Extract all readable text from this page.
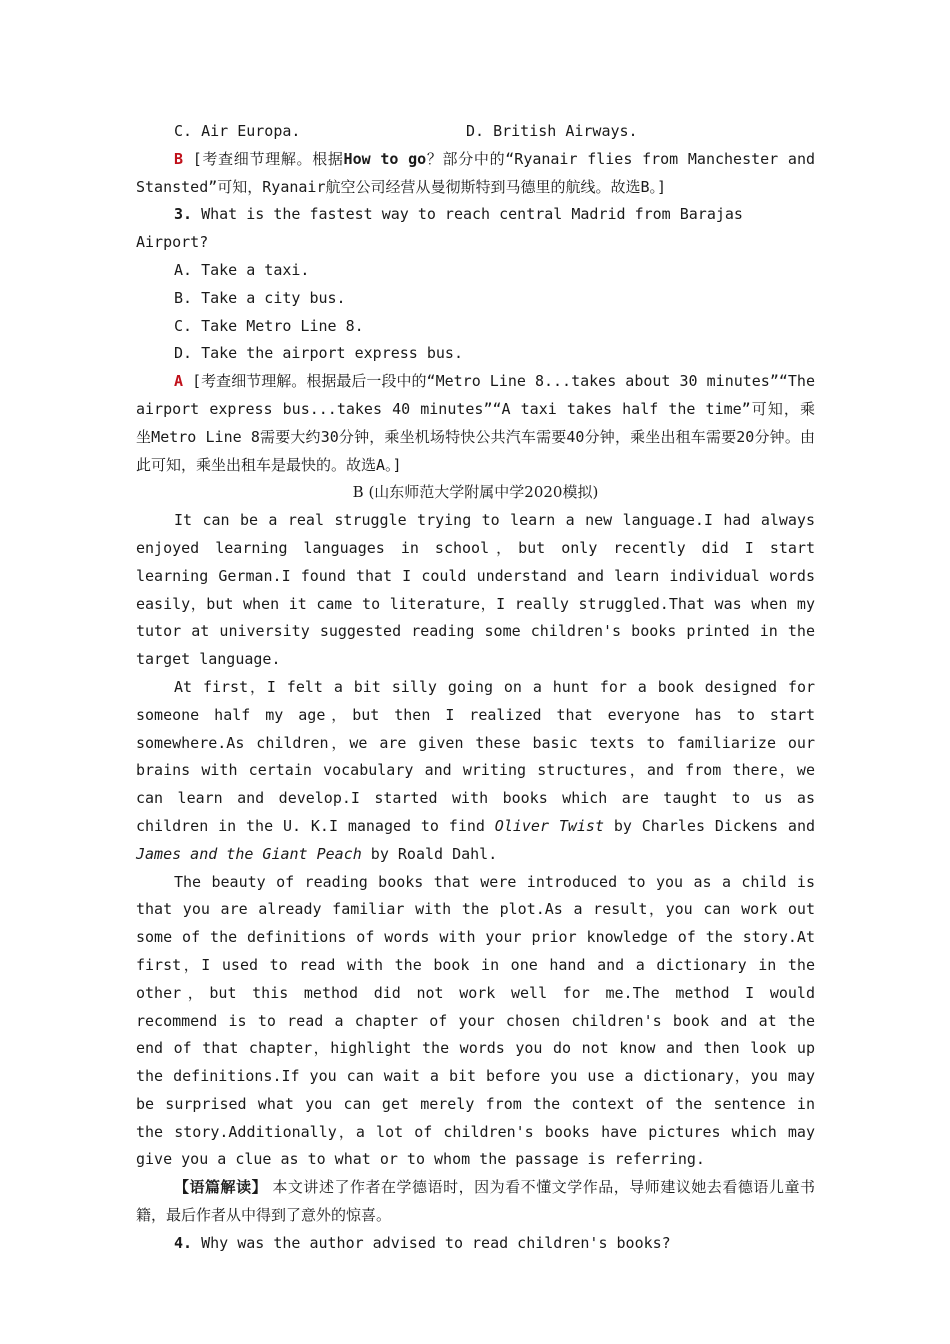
C. Air Europa.	D. British Airways.

B [考查细节理解。根据How to go？部分中的“Ryanair flies from Manchester and Stansted”可知，Ryanair航空公司经营从曼彻斯特到马德里的航线。故选B。]

3. What is the fastest way to reach central Madrid from Barajas Airport?

A. Take a taxi.

B. Take a city bus.

C. Take Metro Line 8.

D. Take the airport express bus.

A [考查细节理解。根据最后一段中的“Metro Line 8...takes about 30 minutes”“The airport express bus...takes 40 minutes”“A taxi takes half the time”可知，乘坐Metro Line 8需要大约30分钟，乘坐机场特快公共汽车需要40分钟，乘坐出租车需要20分钟。由此可知，乘坐出租车是最快的。故选A。]

B (山东师范大学附属中学2020模拟)

It can be a real struggle trying to learn a new language.I had always enjoyed learning languages in school，but only recently did I start learning German.I found that I could understand and learn individual words easily，but when it came to literature，I really struggled.That was when my tutor at university suggested reading some children's books printed in the target language.

At first，I felt a bit silly going on a hunt for a book designed for someone half my age，but then I realized that everyone has to start somewhere.As children，we are given these basic texts to familiarize our brains with certain vocabulary and writing structures，and from there，we can learn and develop.I started with books which are taught to us as children in the U. K.I managed to find Oliver Twist by Charles Dickens and James and the Giant Peach by Roald Dahl.

The beauty of reading books that were introduced to you as a child is that you are already familiar with the plot.As a result，you can work out some of the definitions of words with your prior knowledge of the story.At first，I used to read with the book in one hand and a dictionary in the other，but this method did not work well for me.The method I would recommend is to read a chapter of your chosen children's book and at the end of that chapter，highlight the words you do not know and then look up the definitions.If you can wait a bit before you use a dictionary，you may be surprised what you can get merely from the context of the sentence in the story.Additionally，a lot of children's books have pictures which may give you a clue as to what or to whom the passage is referring.

【语篇解读】 本文讲述了作者在学德语时，因为看不懂文学作品，导师建议她去看德语儿童书籍，最后作者从中得到了意外的惊喜。

4. Why was the author advised to read children's books?
